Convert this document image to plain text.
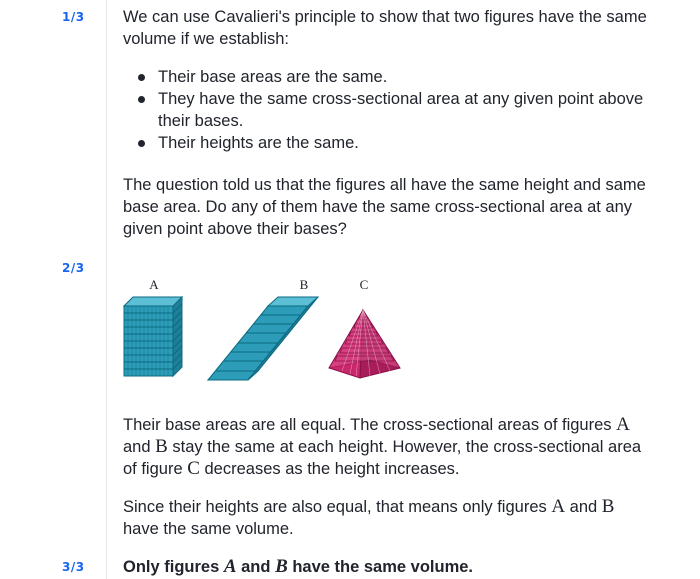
1/3 We can use Cavalieri's principle to show that two figures have the same volume if we establish:

Their base areas are the same.
They have the same cross-sectional area at any given point above their bases.
Their heights are the same.

The question told us that the figures all have the same height and same base area. Do any of them have the same cross-sectional area at any given point above their bases?

2/3
A	B	C

Their base areas are all equal. The cross-sectional areas of figures A and B stay the same at each height. However, the cross-sectional area of figure C decreases as the height increases.

Since their heights are also equal, that means only figures A and B have the same volume.

3/3 Only figures A and B have the same volume.
